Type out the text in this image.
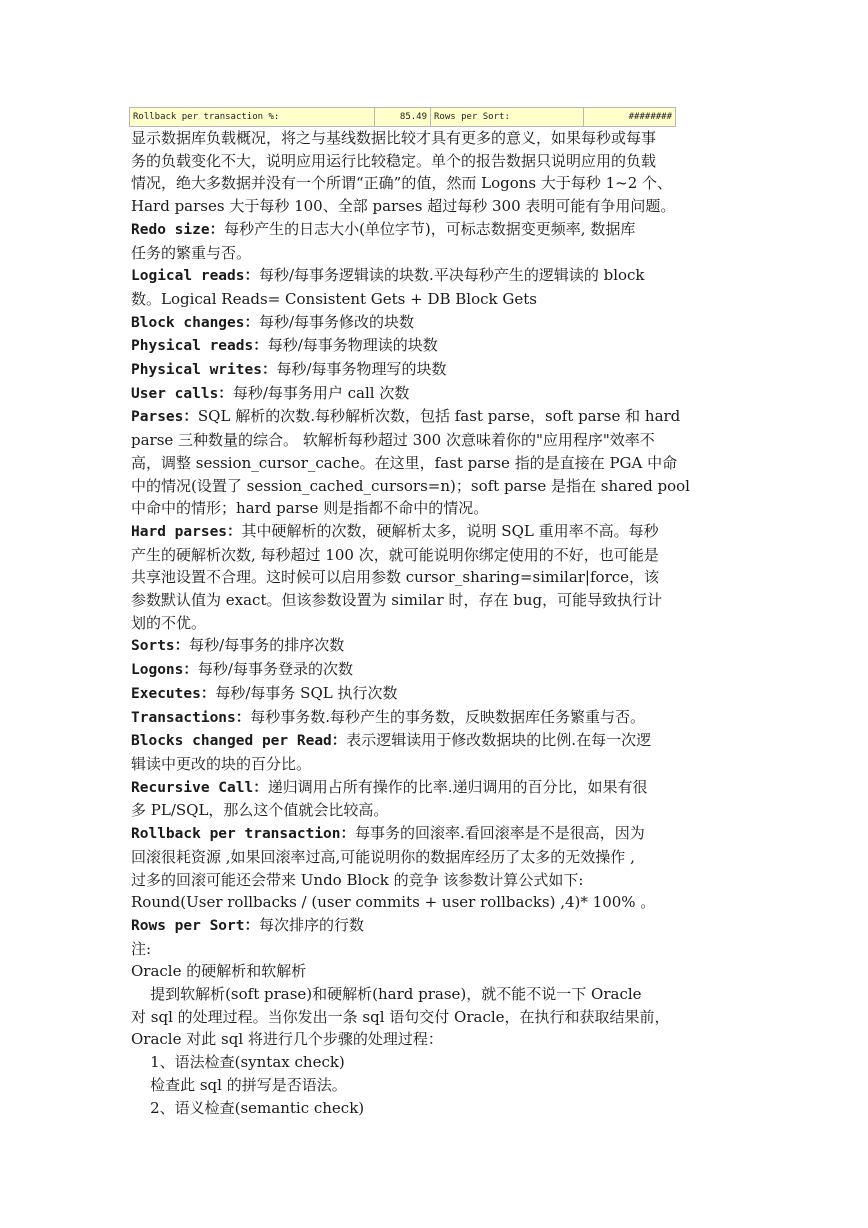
Rollback per transaction %:	85.49	Rows per Sort:	########

显示数据库负载概况，将之与基线数据比较才具有更多的意义，如果每秒或每事
务的负载变化不大，说明应用运行比较稳定。单个的报告数据只说明应用的负载
情况，绝大多数据并没有一个所谓“正确”的值，然而 Logons 大于每秒 1~2 个、
Hard parses 大于每秒 100、全部 parses 超过每秒 300 表明可能有争用问题。

Redo size：每秒产生的日志大小(单位字节)，可标志数据变更频率, 数据库
任务的繁重与否。

Logical reads：每秒/每事务逻辑读的块数.平决每秒产生的逻辑读的 block
数。Logical Reads= Consistent Gets + DB Block Gets

Block changes：每秒/每事务修改的块数

Physical reads：每秒/每事务物理读的块数

Physical writes：每秒/每事务物理写的块数

User calls：每秒/每事务用户 call 次数

Parses：SQL 解析的次数.每秒解析次数，包括 fast parse，soft parse 和 hard
parse 三种数量的综合。 软解析每秒超过 300 次意味着你的"应用程序"效率不
高，调整 session_cursor_cache。在这里，fast parse 指的是直接在 PGA 中命
中的情况(设置了 session_cached_cursors=n)；soft parse 是指在 shared pool
中命中的情形；hard parse 则是指都不命中的情况。

Hard parses：其中硬解析的次数，硬解析太多，说明 SQL 重用率不高。每秒
产生的硬解析次数, 每秒超过 100 次，就可能说明你绑定使用的不好，也可能是
共享池设置不合理。这时候可以启用参数 cursor_sharing=similar|force，该
参数默认值为 exact。但该参数设置为 similar 时，存在 bug，可能导致执行计
划的不优。

Sorts：每秒/每事务的排序次数

Logons：每秒/每事务登录的次数

Executes：每秒/每事务 SQL 执行次数

Transactions：每秒事务数.每秒产生的事务数，反映数据库任务繁重与否。

Blocks changed per Read：表示逻辑读用于修改数据块的比例.在每一次逻
辑读中更改的块的百分比。

Recursive Call：递归调用占所有操作的比率.递归调用的百分比，如果有很
多 PL/SQL，那么这个值就会比较高。

Rollback per transaction：每事务的回滚率.看回滚率是不是很高，因为
回滚很耗资源 ,如果回滚率过高,可能说明你的数据库经历了太多的无效操作 ,
过多的回滚可能还会带来 Undo Block 的竞争 该参数计算公式如下:
Round(User rollbacks / (user commits + user rollbacks) ,4)* 100% 。

Rows per Sort：每次排序的行数

注:

Oracle 的硬解析和软解析

提到软解析(soft prase)和硬解析(hard prase)，就不能不说一下 Oracle
对 sql 的处理过程。当你发出一条 sql 语句交付 Oracle，在执行和获取结果前，
Oracle 对此 sql 将进行几个步骤的处理过程：

1、语法检查(syntax check)

检查此 sql 的拼写是否语法。

2、语义检查(semantic check)
